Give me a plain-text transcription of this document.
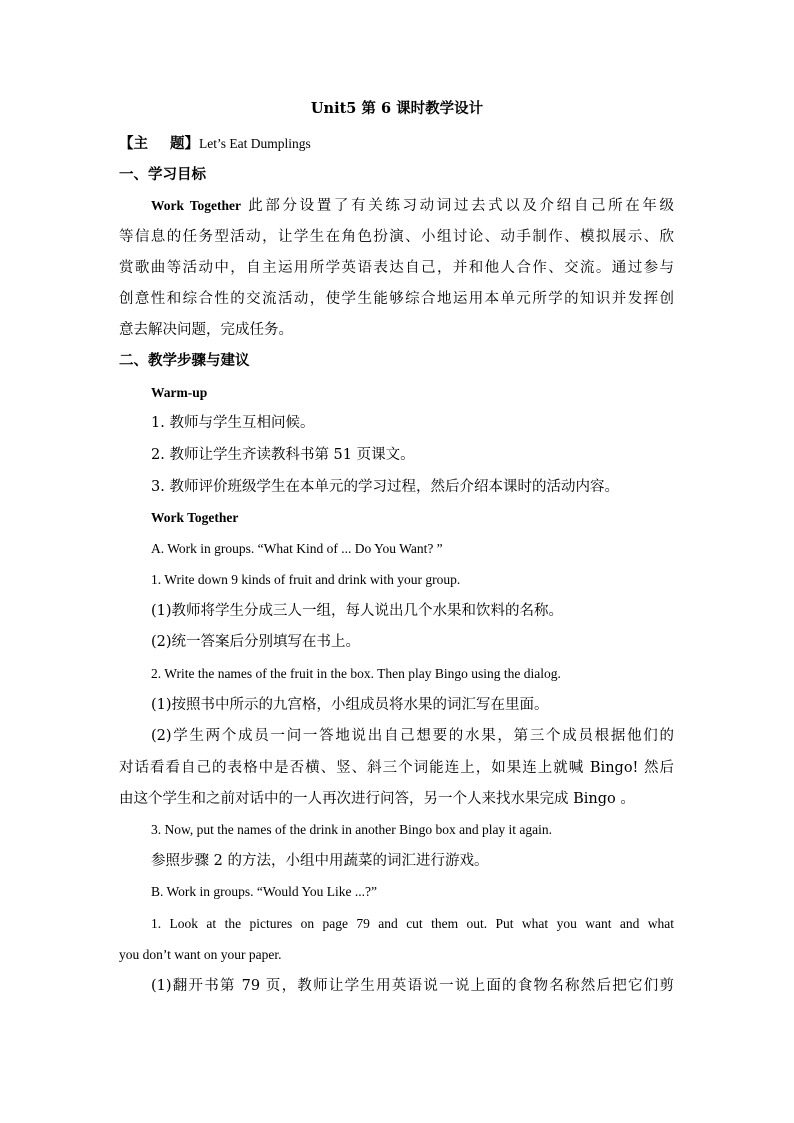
Unit5 第 6 课时教学设计
【主 题】Let’s Eat Dumplings
一、学习目标
Work Together 此部分设置了有关练习动词过去式以及介绍自己所在年级
等信息的任务型活动，让学生在角色扮演、小组讨论、动手制作、模拟展示、欣
赏歌曲等活动中，自主运用所学英语表达自己，并和他人合作、交流。通过参与
创意性和综合性的交流活动，使学生能够综合地运用本单元所学的知识并发挥创
意去解决问题，完成任务。
二、教学步骤与建议
Warm-up
1. 教师与学生互相问候。
2. 教师让学生齐读教科书第 51 页课文。
3. 教师评价班级学生在本单元的学习过程，然后介绍本课时的活动内容。
Work Together
A. Work in groups. “What Kind of ... Do You Want? ”
1. Write down 9 kinds of fruit and drink with your group.
(1)教师将学生分成三人一组，每人说出几个水果和饮料的名称。
(2)统一答案后分别填写在书上。
2. Write the names of the fruit in the box. Then play Bingo using the dialog.
(1)按照书中所示的九宫格，小组成员将水果的词汇写在里面。
(2)学生两个成员一问一答地说出自己想要的水果，第三个成员根据他们的
对话看看自己的表格中是否横、竖、斜三个词能连上，如果连上就喊 Bingo! 然后
由这个学生和之前对话中的一人再次进行问答，另一个人来找水果完成 Bingo 。
3. Now, put the names of the drink in another Bingo box and play it again.
参照步骤 2 的方法，小组中用蔬菜的词汇进行游戏。
B. Work in groups. “Would You Like ...?”
1. Look at the pictures on page 79 and cut them out. Put what you want and what
you don’t want on your paper.
(1)翻开书第 79 页，教师让学生用英语说一说上面的食物名称然后把它们剪
